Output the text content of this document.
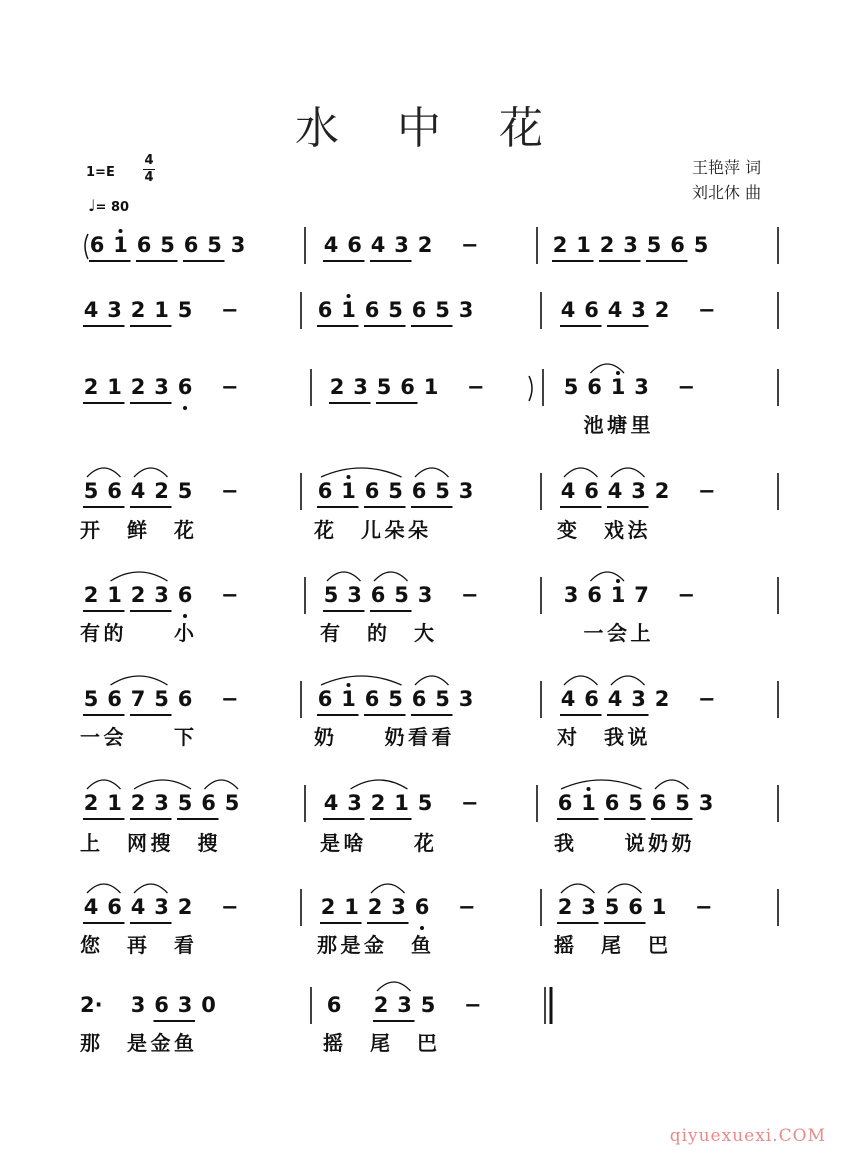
水 中 花
1=E
4
4
♩= 80
王艳萍 词
刘北休 曲
6 1 6 5 6 5 3	4 6 4 3 2 −	2 1 2 3 5 6 5
4 3 2 1 5 −	6 1 6 5 6 5 3	4 6 4 3 2 −
2 1 2 3 6 −	2 3 5 6 1 −	5 6 1 3 −
池 塘 里
5 6 4 2 5 −	6 1 6 5 6 5 3	4 6 4 3 2 −
开 鲜 花	花 儿 朵 朵	变 戏 法
2 1 2 3 6 −	5 3 6 5 3 −	3 6 1 7 −
有 的	小	有 的 大	一 会 上
5 6 7 5 6 −	6 1 6 5 6 5 3	4 6 4 3 2 −
一 会	下	奶	奶 看 看	对 我 说
2 1 2 3 5 6 5	4 3 2 1 5 −	6 1 6 5 6 5 3
上 网 搜 搜	是 啥	花	我	说 奶 奶
4 6 4 3 2 −	2 1 2 3 6 −	2 3 5 6 1 −
您 再 看	那 是 金 鱼	摇 尾 巴
2· 3 6 3 0	6 2 3 5 −
那 是 金 鱼	摇 尾 巴
qiyuexuexi.COM
